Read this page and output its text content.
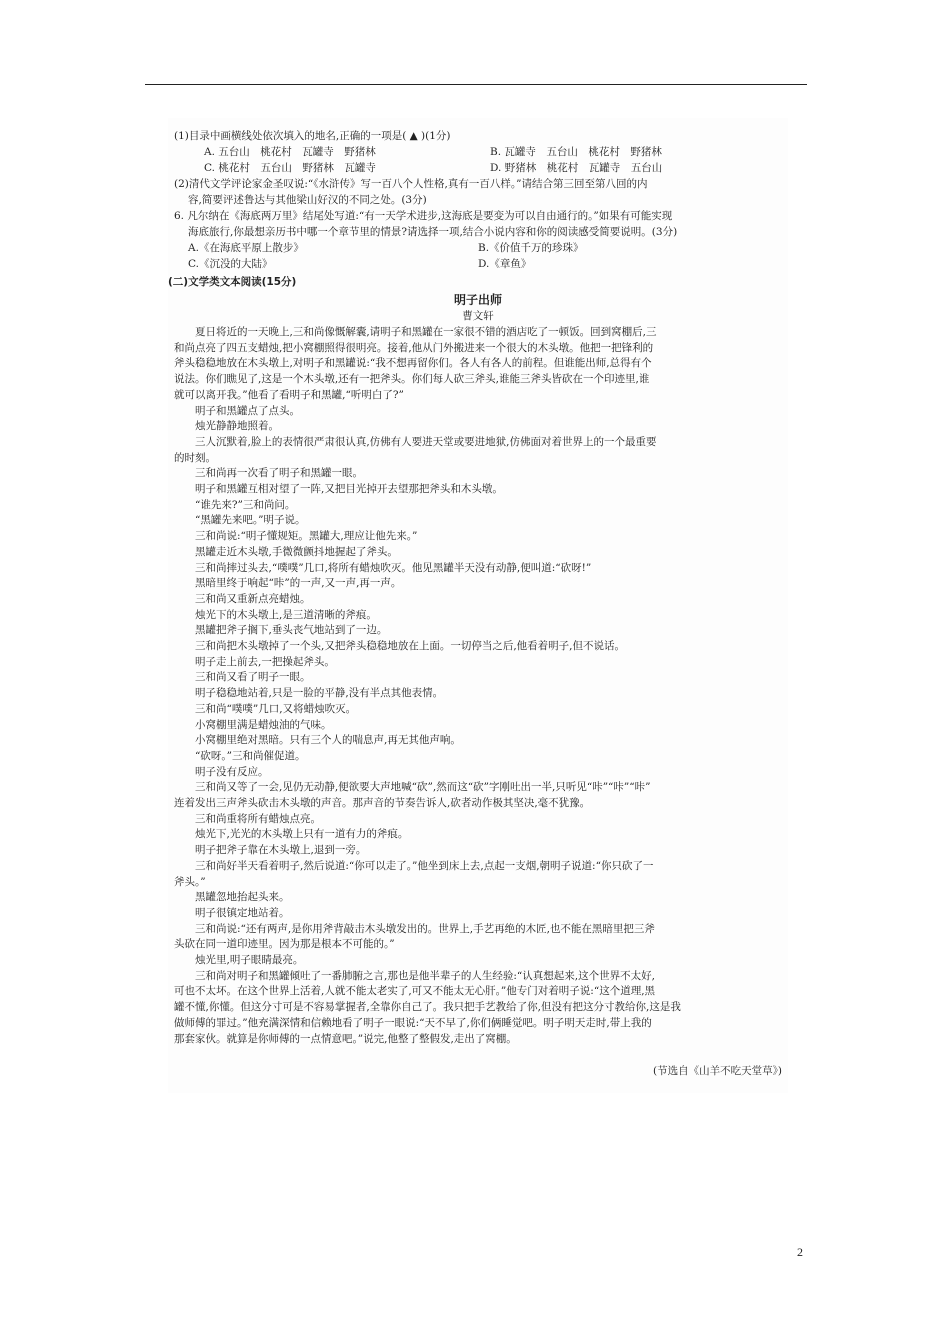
(1)目录中画横线处依次填入的地名,正确的一项是( ▲ )(1分)
A. 五台山　桃花村　瓦罐寺　野猪林	B. 瓦罐寺　五台山　桃花村　野猪林
C. 桃花村　五台山　野猪林　瓦罐寺	D. 野猪林　桃花村　瓦罐寺　五台山
(2)清代文学评论家金圣叹说:“《水浒传》写一百八个人性格,真有一百八样。”请结合第三回至第八回的内
容,简要评述鲁达与其他梁山好汉的不同之处。(3分)
6. 凡尔纳在《海底两万里》结尾处写道:“有一天学术进步,这海底是要变为可以自由通行的。”如果有可能实现
海底旅行,你最想亲历书中哪一个章节里的情景?请选择一项,结合小说内容和你的阅读感受简要说明。(3分)
A.《在海底平原上散步》	B.《价值千万的珍珠》
C.《沉没的大陆》	D.《章鱼》
(二)文学类文本阅读(15分)
明子出师
曹文轩
　　夏日将近的一天晚上,三和尚像慨解囊,请明子和黑罐在一家很不错的酒店吃了一顿饭。回到窝棚后,三
和尚点亮了四五支蜡烛,把小窝棚照得很明亮。接着,他从门外搬进来一个很大的木头墩。他把一把锋利的
斧头稳稳地放在木头墩上,对明子和黑罐说:“我不想再留你们。各人有各人的前程。但谁能出师,总得有个
说法。你们瞧见了,这是一个木头墩,还有一把斧头。你们每人砍三斧头,谁能三斧头皆砍在一个印迹里,谁
就可以离开我。”他看了看明子和黑罐,“听明白了?”
　　明子和黑罐点了点头。
　　烛光静静地照着。
　　三人沉默着,脸上的表情很严肃很认真,仿佛有人要进天堂或要进地狱,仿佛面对着世界上的一个最重要
的时刻。
　　三和尚再一次看了明子和黑罐一眼。
　　明子和黑罐互相对望了一阵,又把目光掉开去望那把斧头和木头墩。
　　“谁先来?”三和尚问。
　　“黑罐先来吧。”明子说。
　　三和尚说:“明子懂规矩。黑罐大,理应让他先来。”
　　黑罐走近木头墩,手微微颤抖地握起了斧头。
　　三和尚摔过头去,“噗噗”几口,将所有蜡烛吹灭。他见黑罐半天没有动静,便叫道:“砍呀!”
　　黑暗里终于响起“咔”的一声,又一声,再一声。
　　三和尚又重新点亮蜡烛。
　　烛光下的木头墩上,是三道清晰的斧痕。
　　黑罐把斧子搁下,垂头丧气地站到了一边。
　　三和尚把木头墩掉了一个头,又把斧头稳稳地放在上面。一切停当之后,他看着明子,但不说话。
　　明子走上前去,一把操起斧头。
　　三和尚又看了明子一眼。
　　明子稳稳地站着,只是一脸的平静,没有半点其他表情。
　　三和尚“噗噗”几口,又将蜡烛吹灭。
　　小窝棚里满是蜡烛油的气味。
　　小窝棚里绝对黑暗。只有三个人的喘息声,再无其他声响。
　　“砍呀。”三和尚催促道。
　　明子没有反应。
　　三和尚又等了一会,见仍无动静,便欲要大声地喊“砍”,然而这“砍”字刚吐出一半,只听见“咔”“咔”“咔”
连着发出三声斧头砍击木头墩的声音。那声音的节奏告诉人,砍者动作极其坚决,毫不犹豫。
　　三和尚重将所有蜡烛点亮。
　　烛光下,光光的木头墩上只有一道有力的斧痕。
　　明子把斧子靠在木头墩上,退到一旁。
　　三和尚好半天看着明子,然后说道:“你可以走了。”他坐到床上去,点起一支烟,朝明子说道:“你只砍了一
斧头。”
　　黑罐忽地抬起头来。
　　明子很镇定地站着。
　　三和尚说:“还有两声,是你用斧背敲击木头墩发出的。世界上,手艺再绝的木匠,也不能在黑暗里把三斧
头砍在同一道印迹里。因为那是根本不可能的。”
　　烛光里,明子眼睛最亮。
　　三和尚对明子和黑罐倾吐了一番肺腑之言,那也是他半辈子的人生经验:“认真想起来,这个世界不太好,
可也不太坏。在这个世界上活着,人就不能太老实了,可又不能太无心肝。”他专门对着明子说:“这个道理,黑
罐不懂,你懂。但这分寸可是不容易掌握者,全靠你自己了。我只把手艺教给了你,但没有把这分寸教给你,这是我
做师傅的罪过。”他充满深情和信赖地看了明子一眼说:“天不早了,你们俩睡觉吧。明子明天走时,带上我的
那套家伙。就算是你师傅的一点情意吧。”说完,他整了整假发,走出了窝棚。
(节选自《山羊不吃天堂草》)
2
